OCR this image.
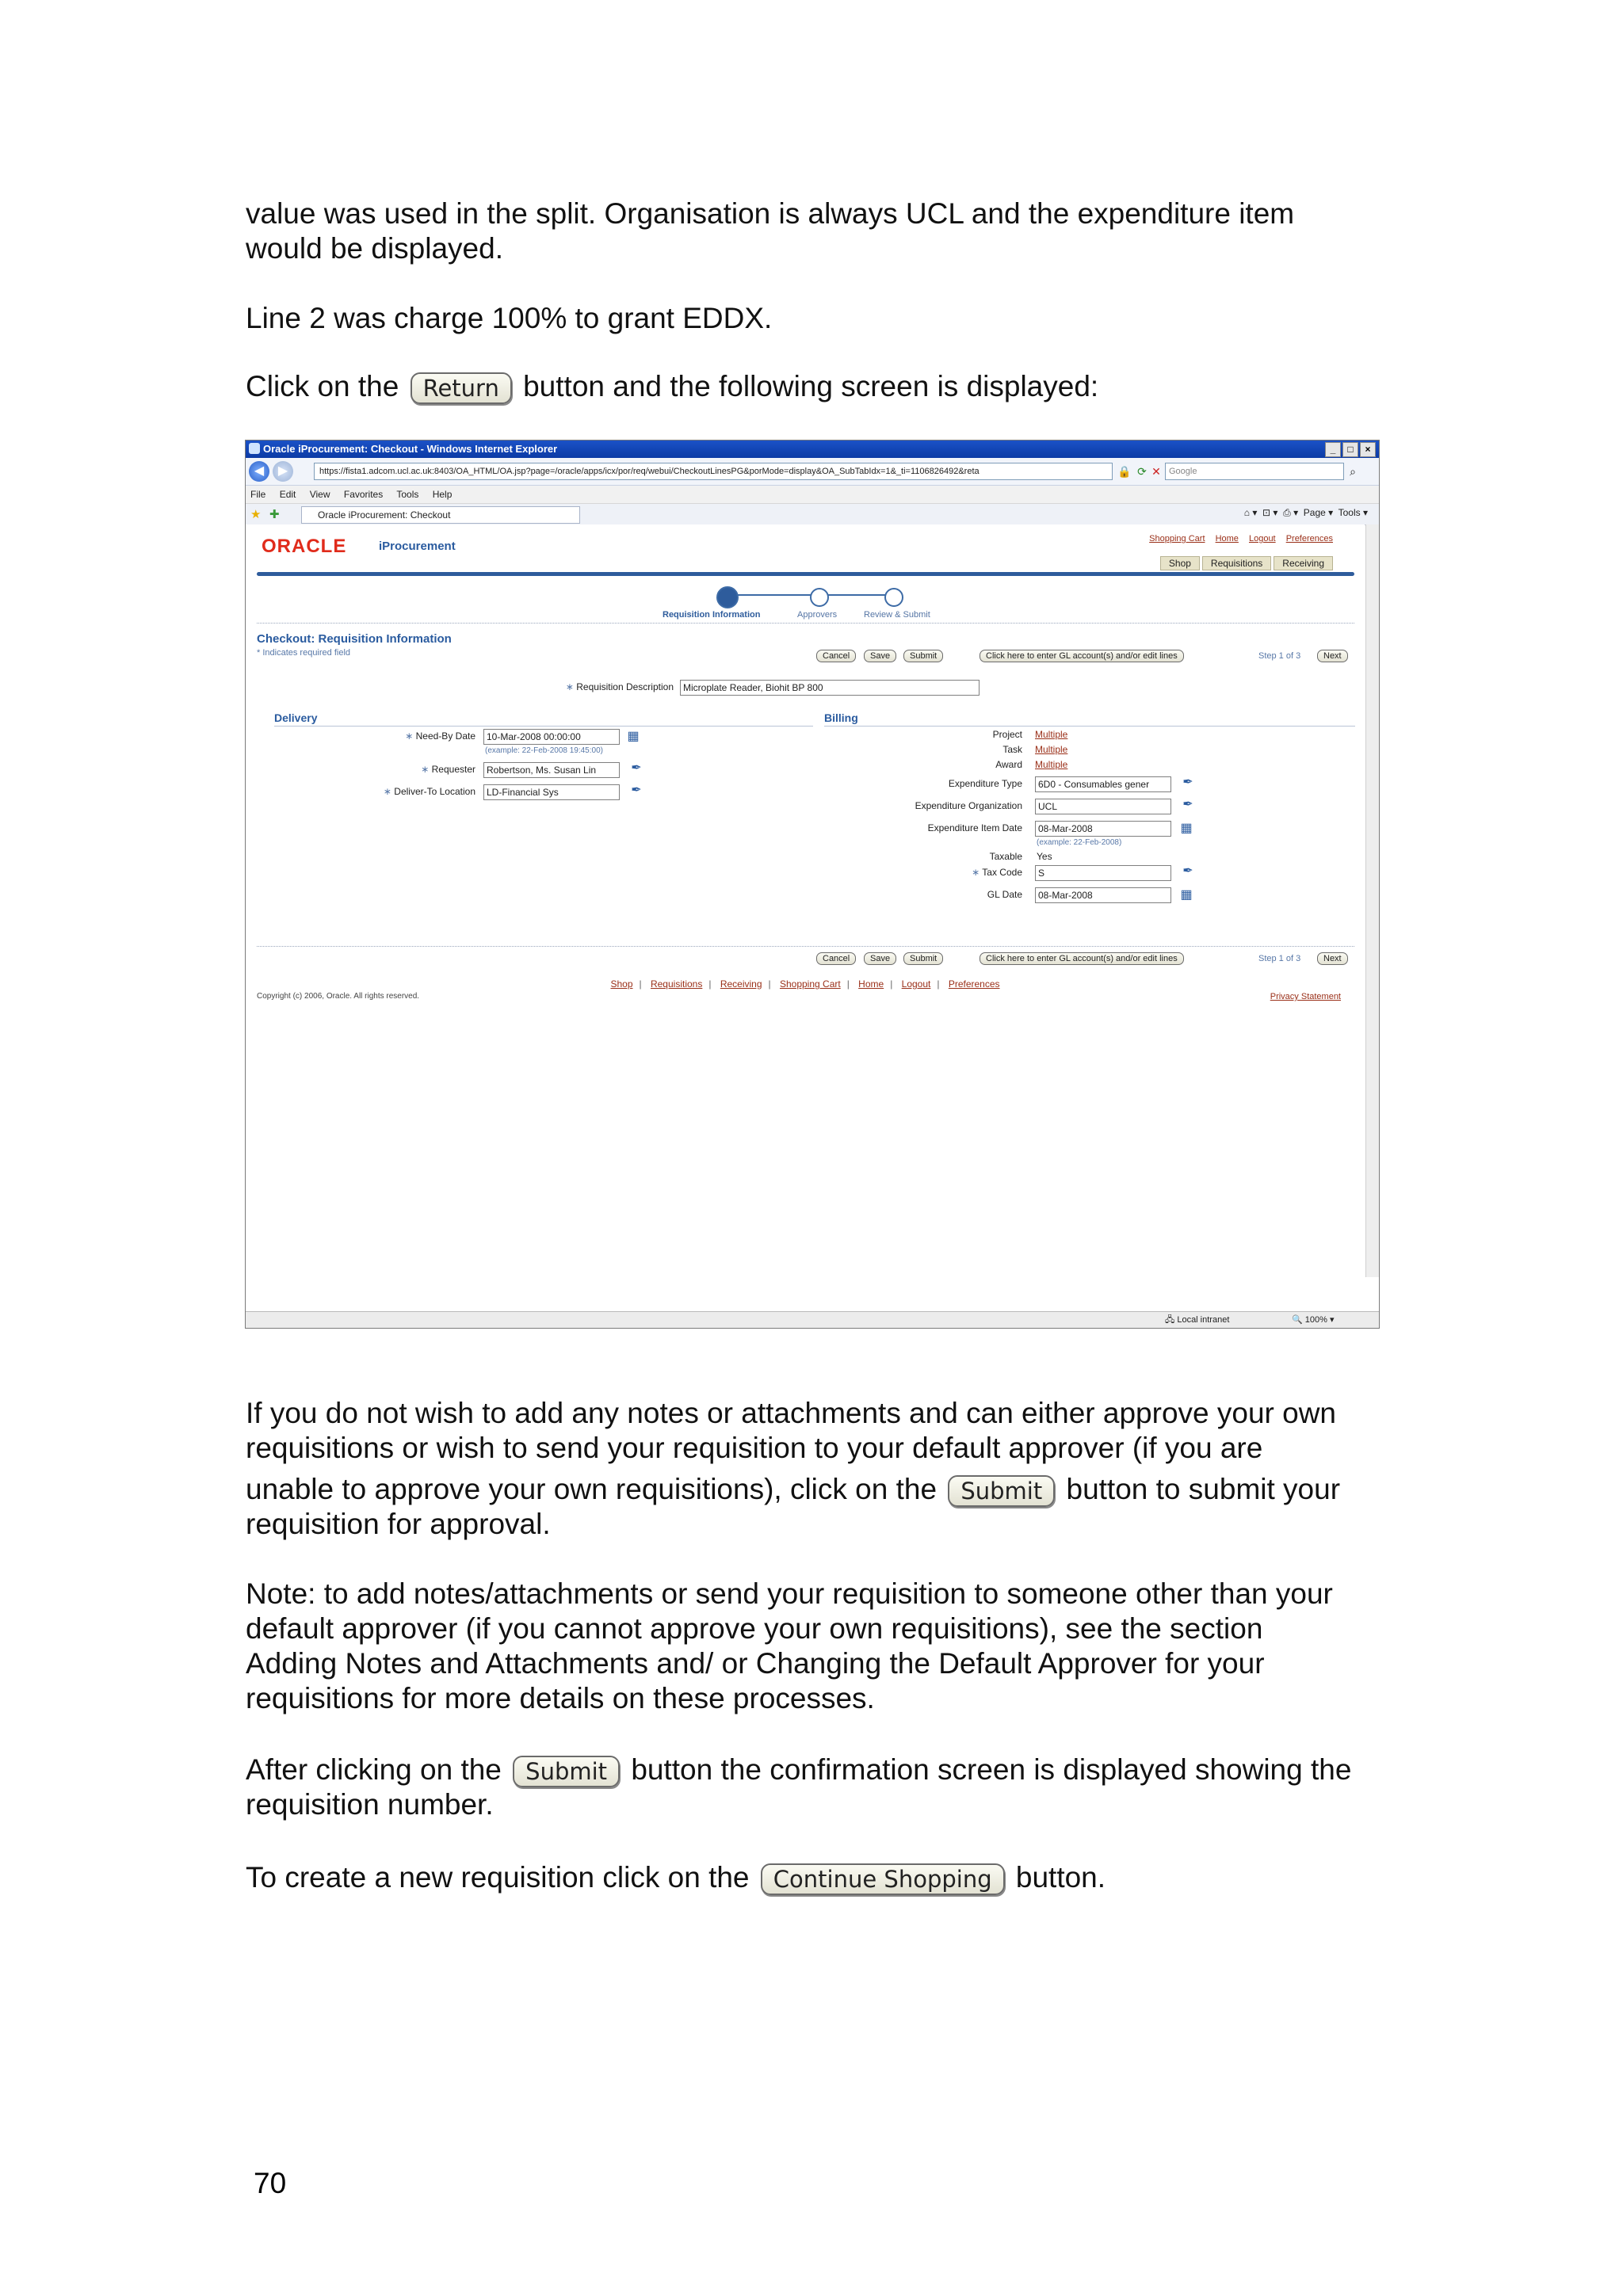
value was used in the split. Organisation is always UCL and the expenditure item
would be displayed.
Line 2 was charge 100% to grant EDDX.
Click on the Return button and the following screen is displayed:
Oracle iProcurement: Checkout - Windows Internet Explorer	_	□	×
◀	▶	https://fista1.adcom.ucl.ac.uk:8403/OA_HTML/OA.jsp?page=/oracle/apps/icx/por/req/webui/CheckoutLinesPG&porMode=display&OA_SubTabIdx=1&_ti=1106826492&reta	🔒 ⟳ ✕ Google	⌕
File Edit View Favorites Tools Help
★ ✚	Oracle iProcurement: Checkout	⌂ ▾ ⊡ ▾ ⎙ ▾ Page ▾  Tools ▾
ORACLE	iProcurement
Shopping Cart Home Logout Preferences
Shop	Requisitions	Receiving
Requisition Information	Approvers	Review & Submit
Checkout: Requisition Information
* Indicates required field	Cancel	Save	Submit	Click here to enter GL account(s) and/or edit lines	Step 1 of 3	Next
∗ Requisition Description	Microplate Reader, Biohit BP 800
Delivery
∗ Need-By Date	10-Mar-2008 00:00:00	▦
(example: 22-Feb-2008 19:45:00)
∗ Requester	Robertson, Ms. Susan Lin	✒
∗ Deliver-To Location	LD-Financial Sys	✒
Billing
Project Multiple
Task Multiple
Award Multiple
Expenditure Type	6D0 - Consumables gener	✒
Expenditure Organization	UCL	✒
Expenditure Item Date	08-Mar-2008	▦
(example: 22-Feb-2008)
Taxable Yes
∗ Tax Code	S	✒
GL Date	08-Mar-2008	▦
Cancel	Save	Submit	Click here to enter GL account(s) and/or edit lines	Step 1 of 3	Next
Shop | Requisitions | Receiving | Shopping Cart | Home | Logout | Preferences
Copyright (c) 2006, Oracle. All rights reserved.	Privacy Statement
🖧 Local intranet	🔍 100% ▾
If you do not wish to add any notes or attachments and can either approve your own
requisitions or wish to send your requisition to your default approver (if you are
unable to approve your own requisitions), click on the Submit button to submit your
requisition for approval.
Note: to add notes/attachments or send your requisition to someone other than your
default approver (if you cannot approve your own requisitions), see the section
Adding Notes and Attachments and/ or Changing the Default Approver for your
requisitions for more details on these processes.
After clicking on the Submit button the confirmation screen is displayed showing the
requisition number.
To create a new requisition click on the Continue Shopping button.
70
